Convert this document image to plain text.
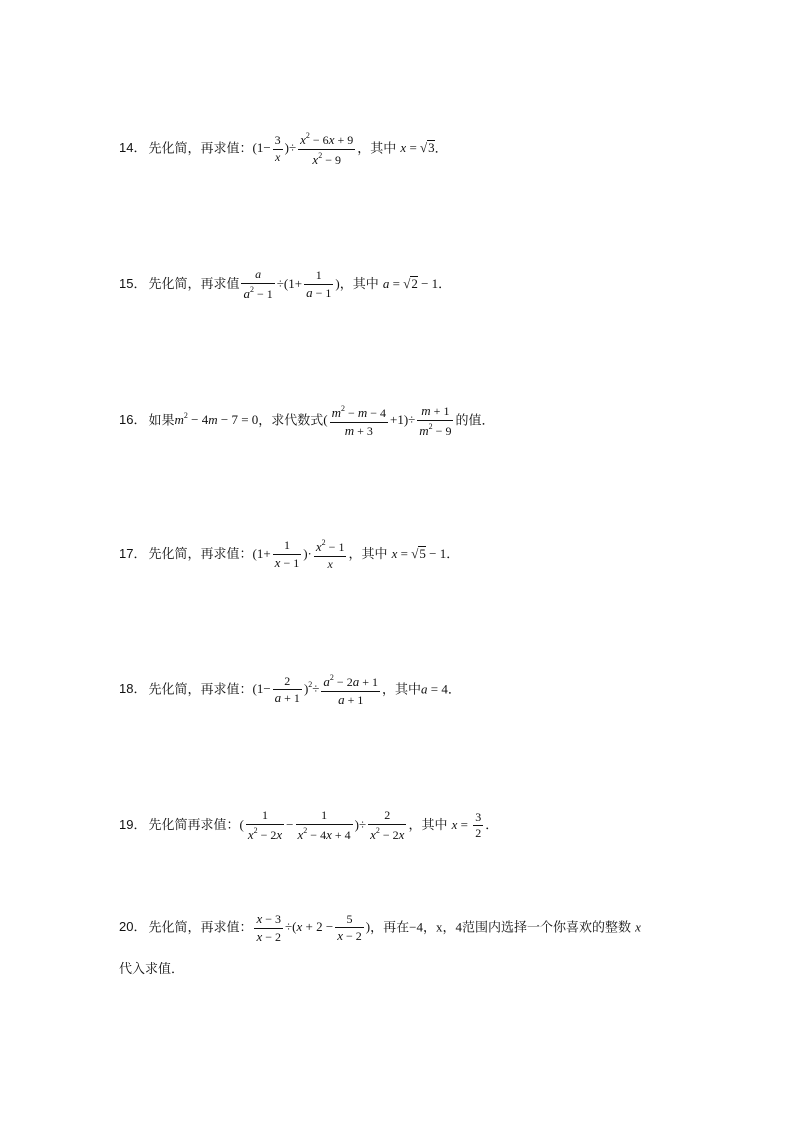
14． 先化简，再求值：($1- \frac{3}{x}$ )÷ $\frac{x^2 - 6x + 9}{x^2 - 9}$ ，其中 x = √3．
15． 先化简，再求值 $\frac{a}{a^2 - 1} \div(1+ \frac{1}{a - 1}$ )，其中 a = √2 − 1．
16． 如果$m^2 - 4m - 7 = 0$，求代数式( $\frac{m^2 - m - 4}{m + 3} +1)\div \frac{m + 1}{m^2 - 9}$ 的值．
17． 先化简，再求值：($1+ \frac{1}{x - 1}$ )· $\frac{x^2 - 1}{x}$ ，其中 x = √5 − 1．
18． 先化简，再求值：$(1- \frac{2}{a + 1} )^2\div \frac{a^2 - 2a + 1}{a + 1}$ ，其中a = 4．
19． 先化简再求值：( $\frac{1}{x^2 - 2x} - \frac{1}{x^2 - 4x + 4}$ )÷ $\frac{2}{x^2 - 2x}$ ，其中 $x = \frac{3}{2}$ ．
20． 先化简，再求值： $\frac{x - 3}{x - 2} \div(x + 2 - \frac{5}{x - 2}$ )，再在−4，x，4范围内选择一个你喜欢的整数 x
代入求值．
